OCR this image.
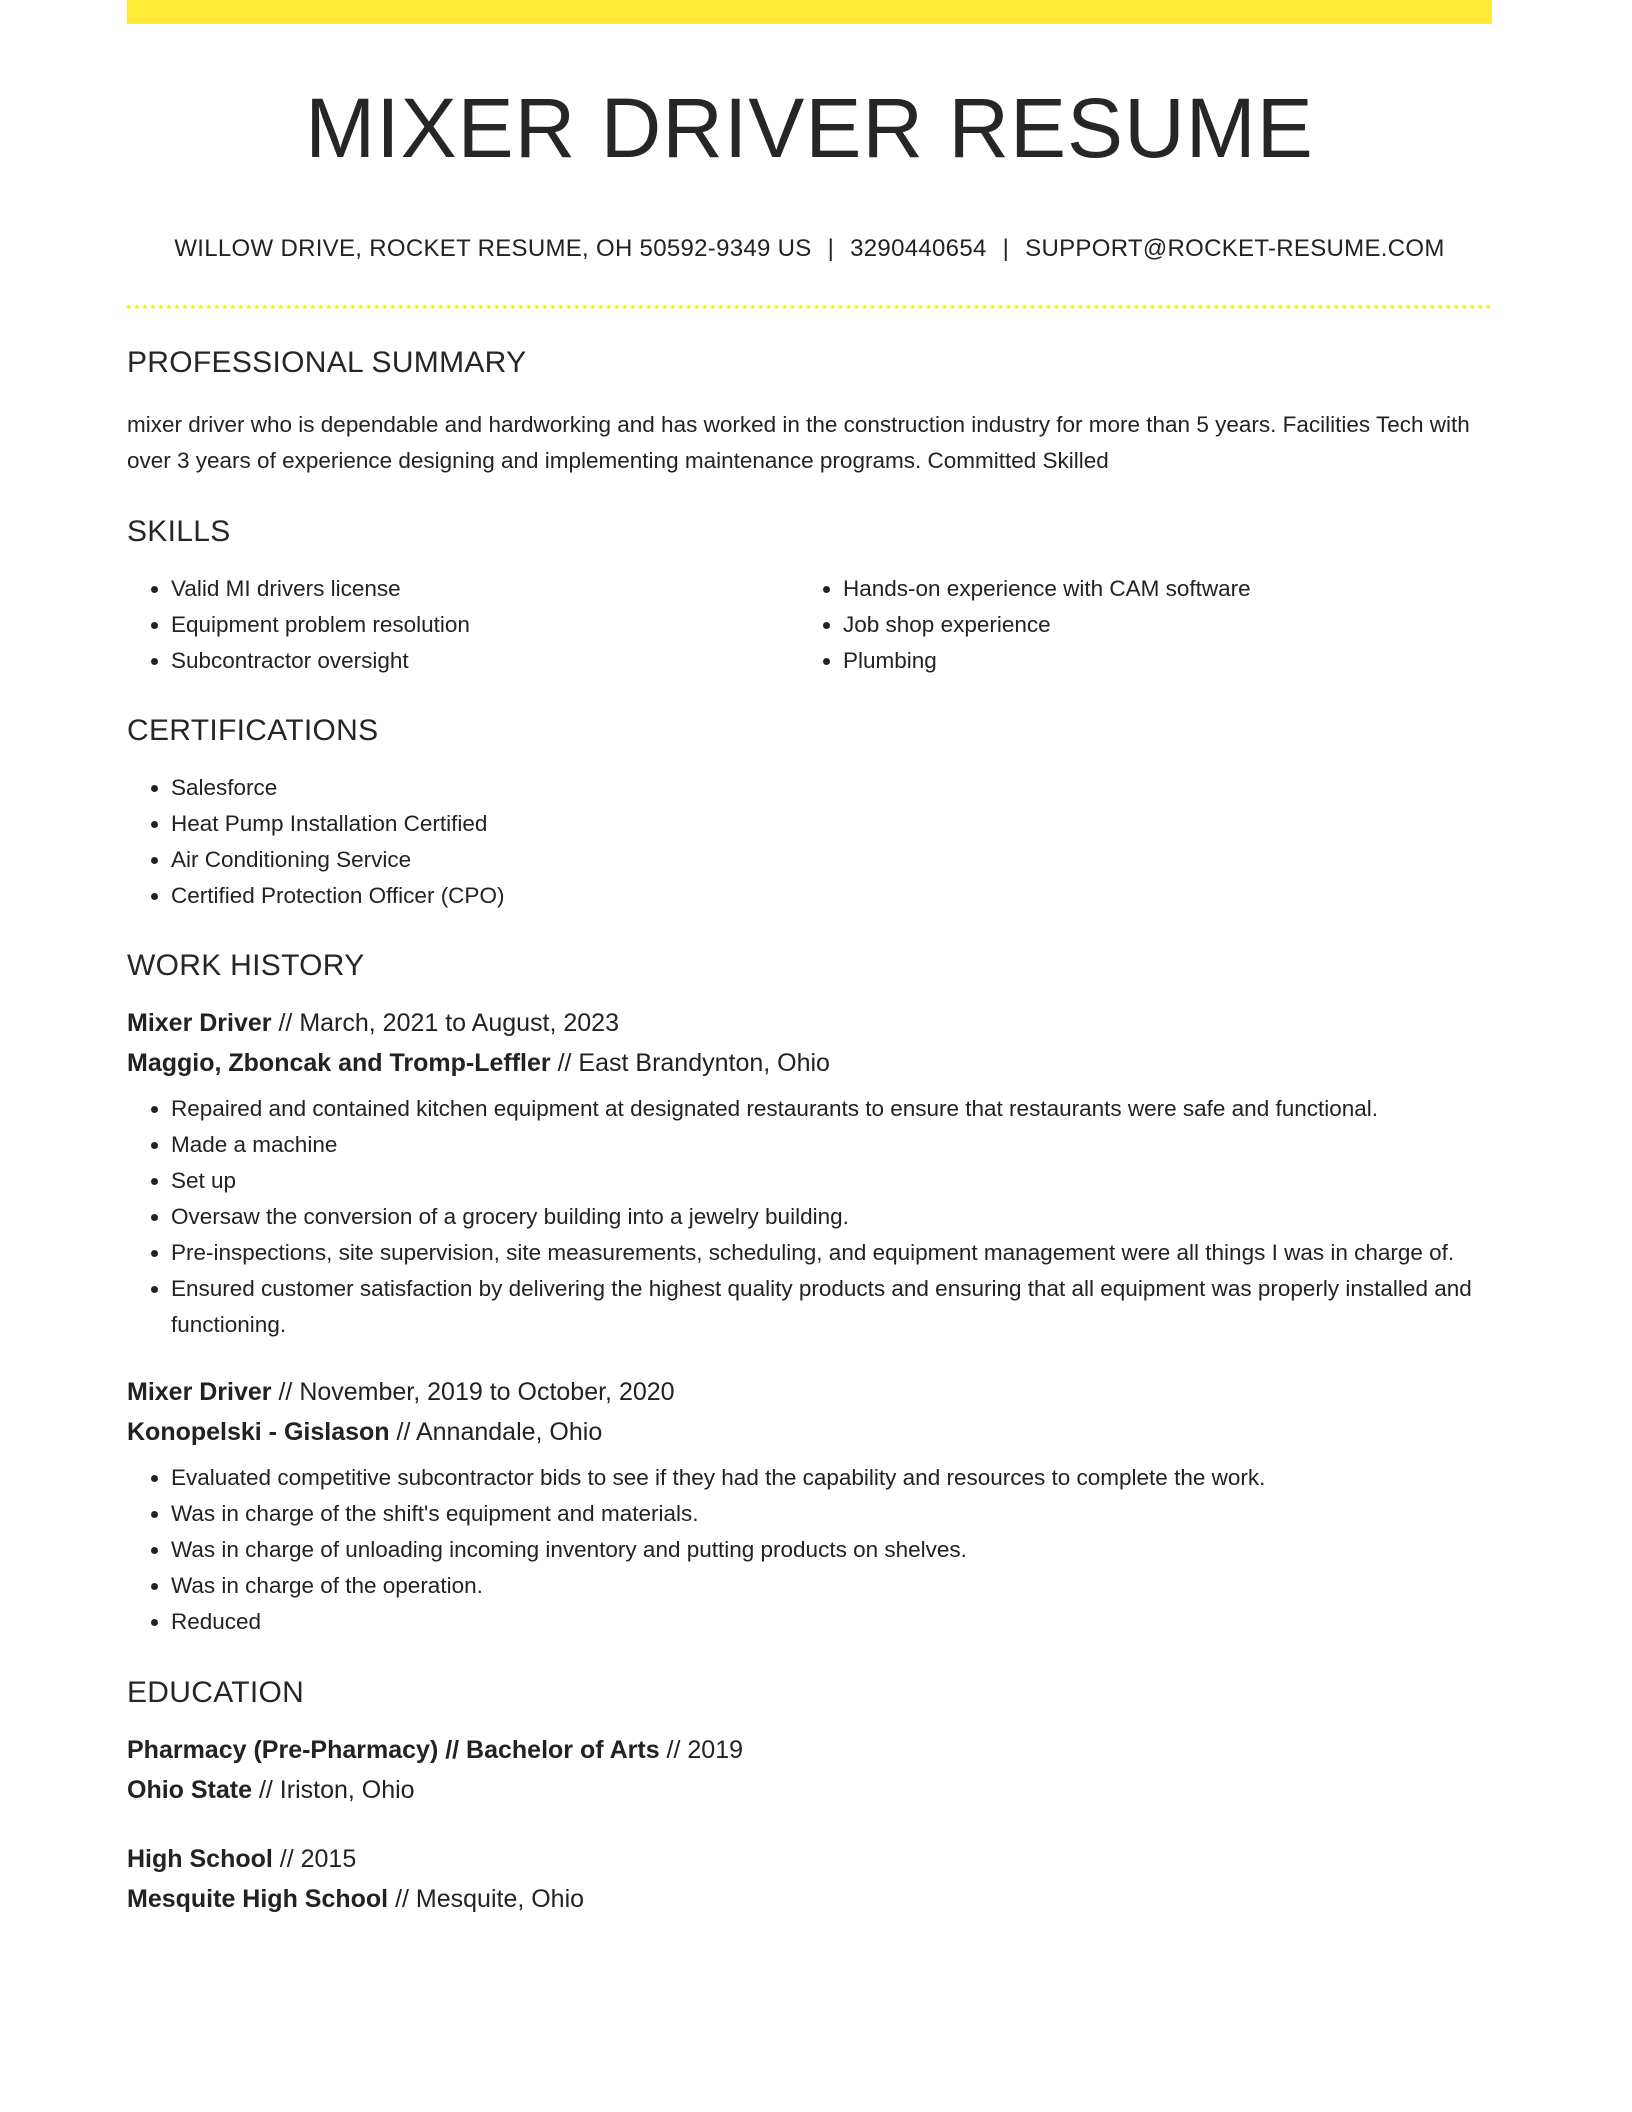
MIXER DRIVER RESUME
WILLOW DRIVE, ROCKET RESUME, OH 50592-9349 US | 3290440654 | SUPPORT@ROCKET-RESUME.COM
PROFESSIONAL SUMMARY

mixer driver who is dependable and hardworking and has worked in the construction industry for more than 5 years. Facilities Tech with over 3 years of experience designing and implementing maintenance programs. Committed Skilled

SKILLS
• Valid MI drivers license
• Equipment problem resolution
• Subcontractor oversight
• Hands-on experience with CAM software
• Job shop experience
• Plumbing
CERTIFICATIONS
• Salesforce
• Heat Pump Installation Certified
• Air Conditioning Service
• Certified Protection Officer (CPO)
WORK HISTORY
Mixer Driver // March, 2021 to August, 2023
Maggio, Zboncak and Tromp-Leffler // East Brandynton, Ohio
• Repaired and contained kitchen equipment at designated restaurants to ensure that restaurants were safe and functional.
• Made a machine
• Set up
• Oversaw the conversion of a grocery building into a jewelry building.
• Pre-inspections, site supervision, site measurements, scheduling, and equipment management were all things I was in charge of.
• Ensured customer satisfaction by delivering the highest quality products and ensuring that all equipment was properly installed and functioning.
Mixer Driver // November, 2019 to October, 2020
Konopelski - Gislason // Annandale, Ohio
• Evaluated competitive subcontractor bids to see if they had the capability and resources to complete the work.
• Was in charge of the shift's equipment and materials.
• Was in charge of unloading incoming inventory and putting products on shelves.
• Was in charge of the operation.
• Reduced
EDUCATION
Pharmacy (Pre-Pharmacy) // Bachelor of Arts // 2019
Ohio State // Iriston, Ohio
High School // 2015
Mesquite High School // Mesquite, Ohio
